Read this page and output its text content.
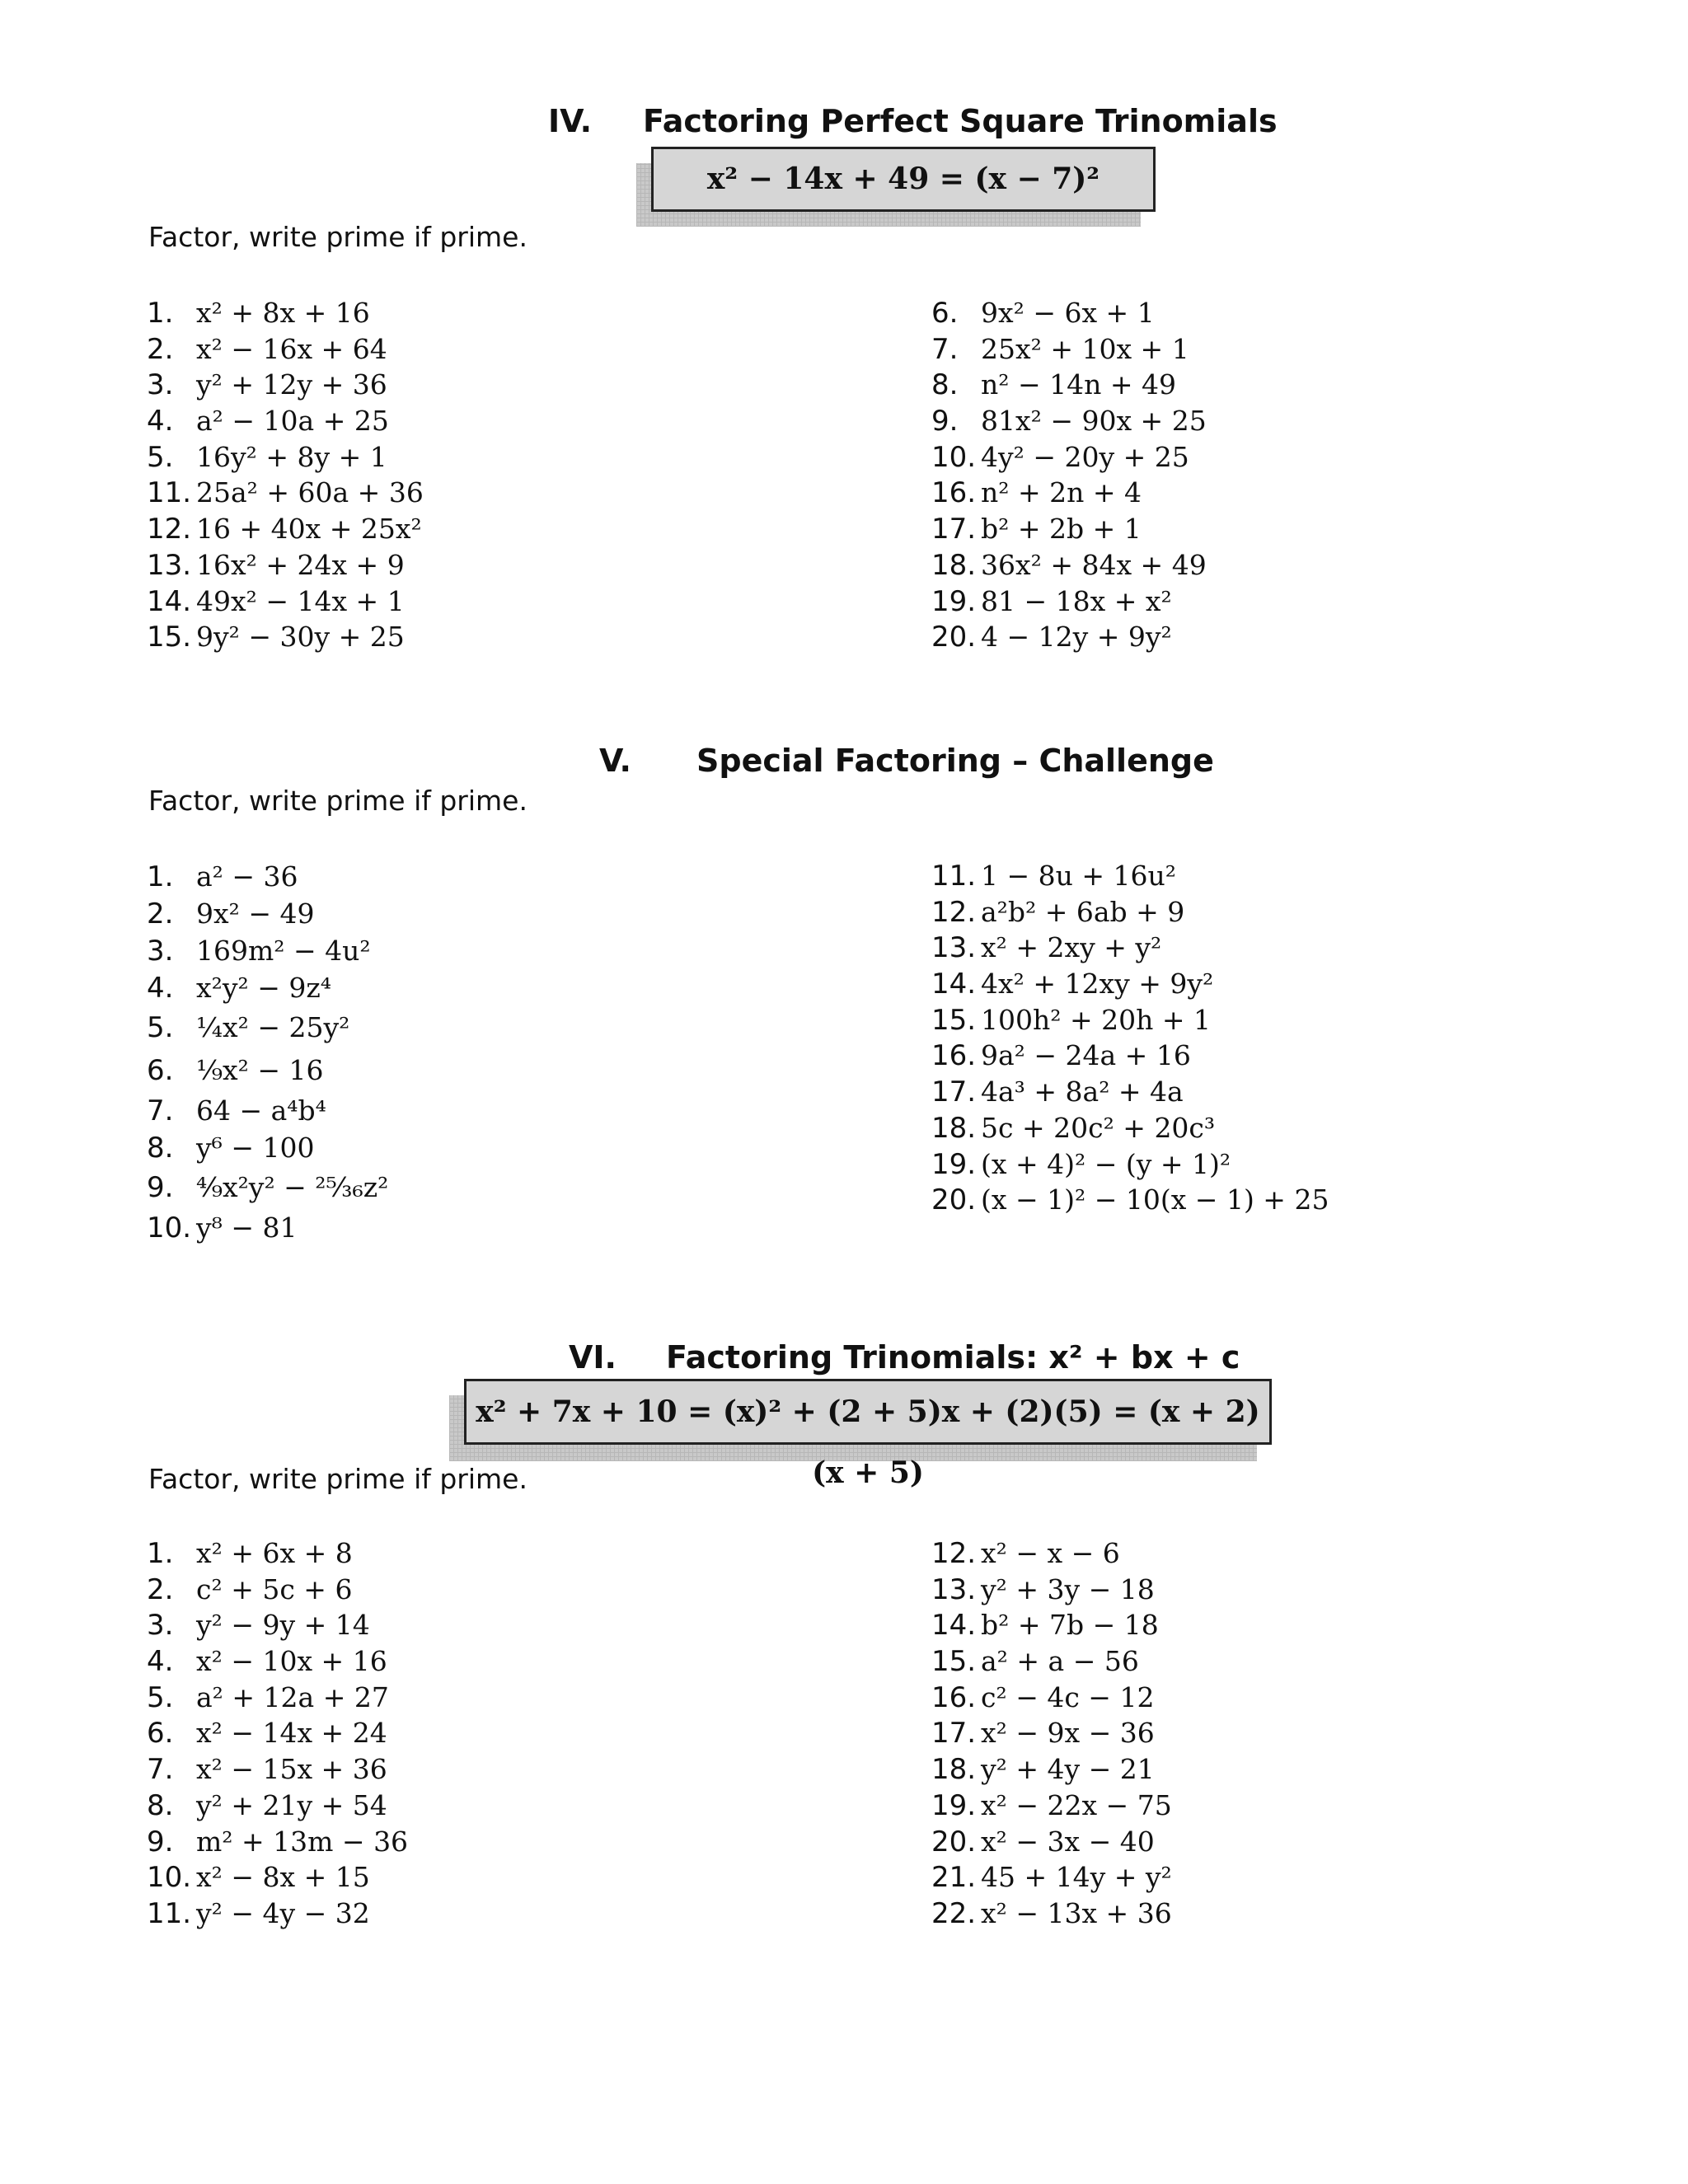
IV. Factoring Perfect Square Trinomials
x² − 14x + 49 = (x − 7)²
Factor, write prime if prime.
1. x² + 8x + 16
2. x² − 16x + 64
3. y² + 12y + 36
4. a² − 10a + 25
5. 16y² + 8y + 1
11. 25a² + 60a + 36
12. 16 + 40x + 25x²
13. 16x² + 24x + 9
14. 49x² − 14x + 1
15. 9y² − 30y + 25
6. 9x² − 6x + 1
7. 25x² + 10x + 1
8. n² − 14n + 49
9. 81x² − 90x + 25
10. 4y² − 20y + 25
16. n² + 2n + 4
17. b² + 2b + 1
18. 36x² + 84x + 49
19. 81 − 18x + x²
20. 4 − 12y + 9y²
V. Special Factoring – Challenge
Factor, write prime if prime.
1. a² − 36
2. 9x² − 49
3. 169m² − 4u²
4. x²y² − 9z⁴
5. ¼x² − 25y²
6. ⅑x² − 16
7. 64 − a⁴b⁴
8. y⁶ − 100
9. ⁴⁄₉x²y² − ²⁵⁄₃₆z²
10. y⁸ − 81
11. 1 − 8u + 16u²
12. a²b² + 6ab + 9
13. x² + 2xy + y²
14. 4x² + 12xy + 9y²
15. 100h² + 20h + 1
16. 9a² − 24a + 16
17. 4a³ + 8a² + 4a
18. 5c + 20c² + 20c³
19. (x + 4)² − (y + 1)²
20. (x − 1)² − 10(x − 1) + 25
VI. Factoring Trinomials: x² + bx + c
x² + 7x + 10 = (x)² + (2 + 5)x + (2)(5) = (x + 2)(x + 5)
Factor, write prime if prime.
1. x² + 6x + 8
2. c² + 5c + 6
3. y² − 9y + 14
4. x² − 10x + 16
5. a² + 12a + 27
6. x² − 14x + 24
7. x² − 15x + 36
8. y² + 21y + 54
9. m² + 13m − 36
10. x² − 8x + 15
11. y² − 4y − 32
12. x² − x − 6
13. y² + 3y − 18
14. b² + 7b − 18
15. a² + a − 56
16. c² − 4c − 12
17. x² − 9x − 36
18. y² + 4y − 21
19. x² − 22x − 75
20. x² − 3x − 40
21. 45 + 14y + y²
22. x² − 13x + 36
